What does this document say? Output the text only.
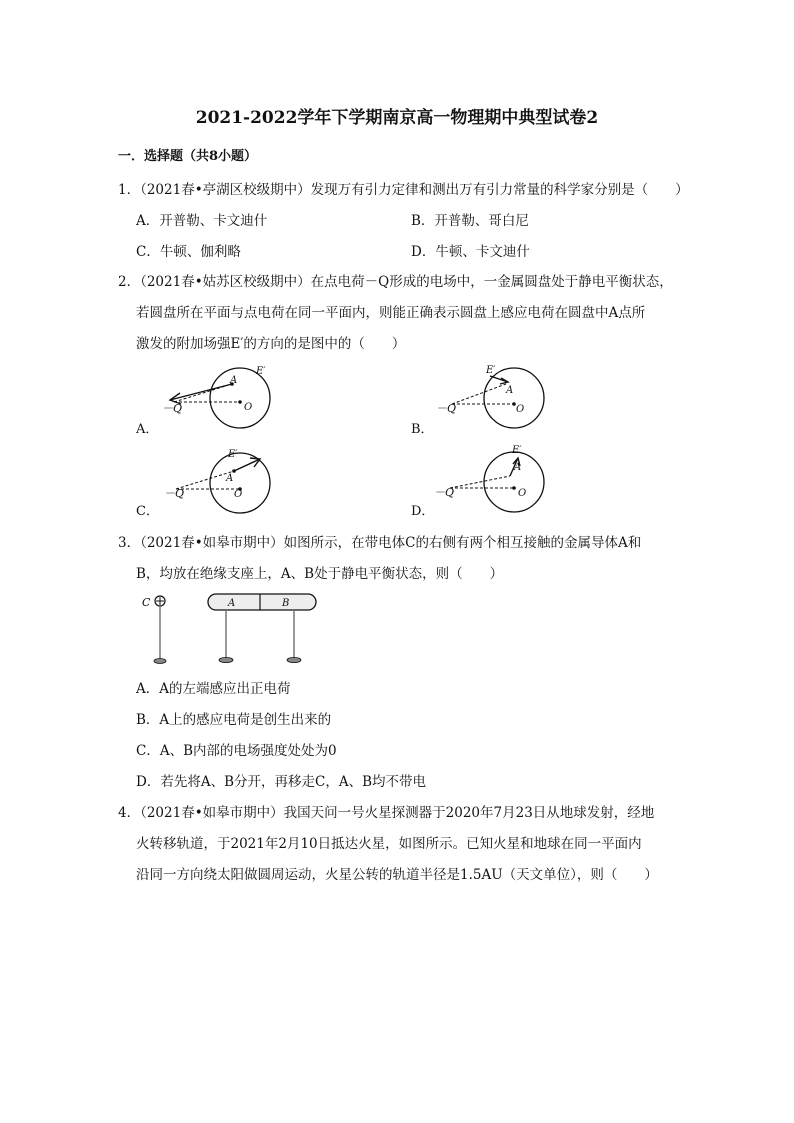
2021-2022学年下学期南京高一物理期中典型试卷2
一．选择题（共8小题）
1．（2021春•亭湖区校级期中）发现万有引力定律和测出万有引力常量的科学家分别是（　　）
A．开普勒、卡文迪什	B．开普勒、哥白尼
C．牛顿、伽利略	D．牛顿、卡文迪什
2．（2021春•姑苏区校级期中）在点电荷－Q形成的电场中，一金属圆盘处于静电平衡状态，
若圆盘所在平面与点电荷在同一平面内，则能正确表示圆盘上感应电荷在圆盘中A点所
激发的附加场强E′的方向的是图中的（　　）
－Q
A
O
E′
A．
－Q
A
O
E′
B．
－Q
A
O
E′
C．
－Q
A
O
E′
D．
3．（2021春•如皋市期中）如图所示，在带电体C的右侧有两个相互接触的金属导体A和
B，均放在绝缘支座上，A、B处于静电平衡状态，则（　　）
C	A	B
A．A的左端感应出正电荷
B．A上的感应电荷是创生出来的
C．A、B内部的电场强度处处为0
D．若先将A、B分开，再移走C，A、B均不带电
4．（2021春•如皋市期中）我国天问一号火星探测器于2020年7月23日从地球发射，经地
火转移轨道，于2021年2月10日抵达火星，如图所示。已知火星和地球在同一平面内
沿同一方向绕太阳做圆周运动，火星公转的轨道半径是1.5AU（天文单位），则（　　）
